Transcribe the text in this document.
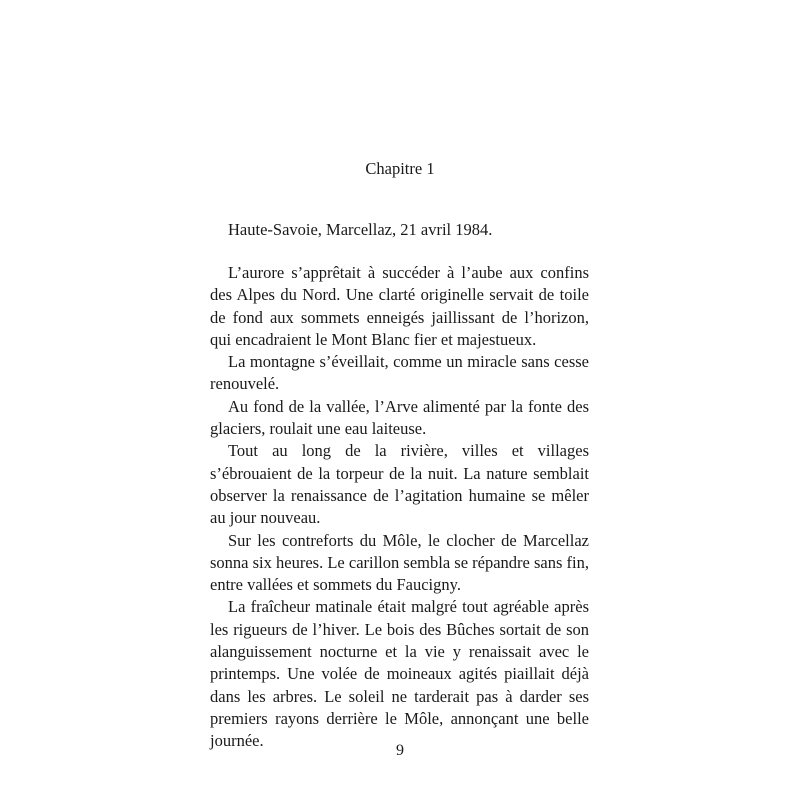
Chapitre 1

Haute-Savoie, Marcellaz, 21 avril 1984.

L’aurore s’apprêtait à succéder à l’aube aux confins des Alpes du Nord. Une clarté originelle servait de toile de fond aux sommets enneigés jaillissant de l’horizon, qui encadraient le Mont Blanc fier et majestueux.

La montagne s’éveillait, comme un miracle sans cesse renouvelé.

Au fond de la vallée, l’Arve alimenté par la fonte des glaciers, roulait une eau laiteuse.

Tout au long de la rivière, villes et villages s’ébrouaient de la torpeur de la nuit. La nature semblait observer la renaissance de l’agitation humaine se mêler au jour nouveau.

Sur les contreforts du Môle, le clocher de Marcellaz sonna six heures. Le carillon sembla se répandre sans fin, entre vallées et sommets du Faucigny.

La fraîcheur matinale était malgré tout agréable après les rigueurs de l’hiver. Le bois des Bûches sortait de son alanguissement nocturne et la vie y renaissait avec le printemps. Une volée de moineaux agités piaillait déjà dans les arbres. Le soleil ne tarderait pas à darder ses premiers rayons derrière le Môle, annonçant une belle journée.

9
